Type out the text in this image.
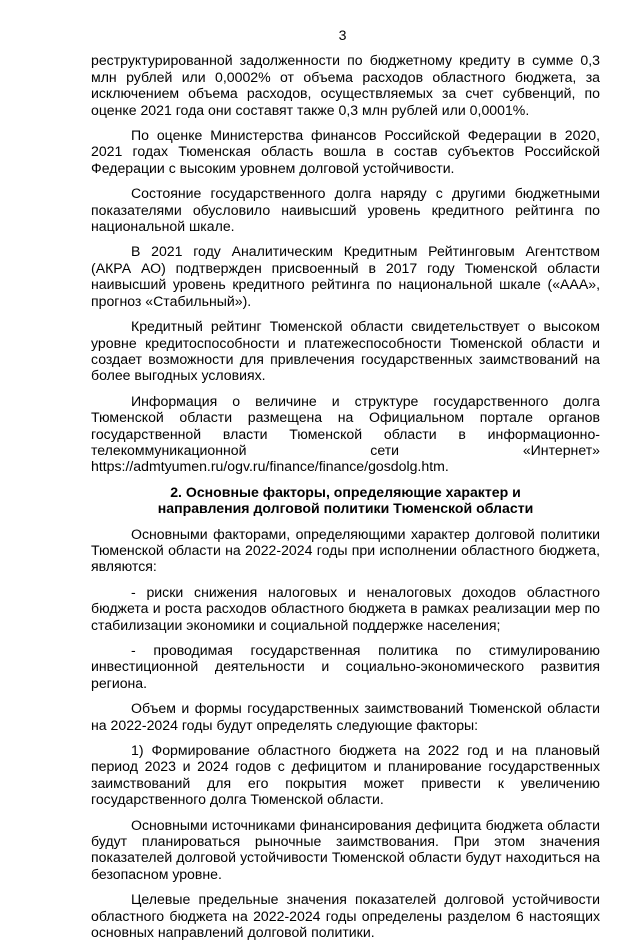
3

реструктурированной задолженности по бюджетному кредиту в сумме 0,3 млн рублей или 0,0002% от объема расходов областного бюджета, за исключением объема расходов, осуществляемых за счет субвенций, по оценке 2021 года они составят также 0,3 млн рублей или 0,0001%.

По оценке Министерства финансов Российской Федерации в 2020, 2021 годах Тюменская область вошла в состав субъектов Российской Федерации с высоким уровнем долговой устойчивости.

Состояние государственного долга наряду с другими бюджетными показателями обусловило наивысший уровень кредитного рейтинга по национальной шкале.

В 2021 году Аналитическим Кредитным Рейтинговым Агентством (АКРА АО) подтвержден присвоенный в 2017 году Тюменской области наивысший уровень кредитного рейтинга по национальной шкале («AAA», прогноз «Стабильный»).

Кредитный рейтинг Тюменской области свидетельствует о высоком уровне кредитоспособности и платежеспособности Тюменской области и создает возможности для привлечения государственных заимствований на более выгодных условиях.

Информация о величине и структуре государственного долга Тюменской области размещена на Официальном портале органов государственной власти Тюменской области в информационно-телекоммуникационной сети «Интернет» https://admtyumen.ru/ogv.ru/finance/finance/gosdolg.htm.

2. Основные факторы, определяющие характер и
направления долговой политики Тюменской области

Основными факторами, определяющими характер долговой политики Тюменской области на 2022-2024 годы при исполнении областного бюджета, являются:

- риски снижения налоговых и неналоговых доходов областного бюджета и роста расходов областного бюджета в рамках реализации мер по стабилизации экономики и социальной поддержке населения;

- проводимая государственная политика по стимулированию инвестиционной деятельности и социально-экономического развития региона.

Объем и формы государственных заимствований Тюменской области на 2022-2024 годы будут определять следующие факторы:

1) Формирование областного бюджета на 2022 год и на плановый период 2023 и 2024 годов с дефицитом и планирование государственных заимствований для его покрытия может привести к увеличению государственного долга Тюменской области.

Основными источниками финансирования дефицита бюджета области будут планироваться рыночные заимствования. При этом значения показателей долговой устойчивости Тюменской области будут находиться на безопасном уровне.

Целевые предельные значения показателей долговой устойчивости областного бюджета на 2022-2024 годы определены разделом 6 настоящих основных направлений долговой политики.
